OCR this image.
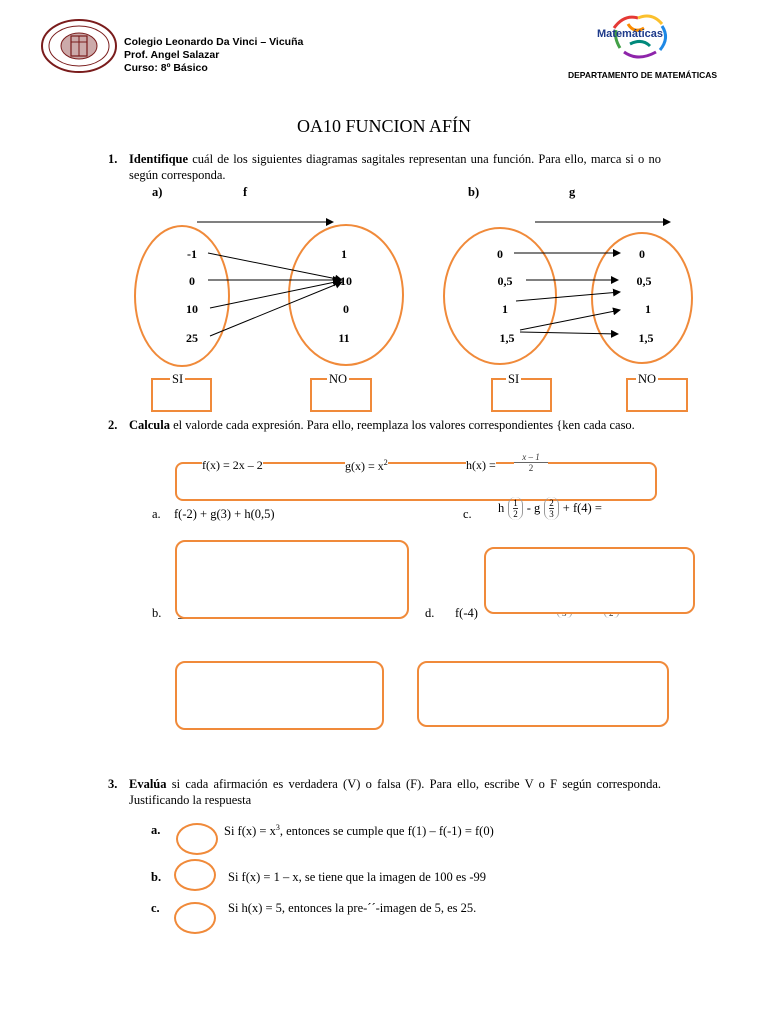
Colegio Leonardo Da Vinci – Vicuña
Prof. Angel Salazar
Curso: 8º Básico
Matemáticas
DEPARTAMENTO DE MATEMÁTICAS
OA10 FUNCION AFÍN
1. Identifique cuál de los siguientes diagramas sagitales representan una función. Para ello, marca si o no según corresponda.
a)	f	b)	g
-1
0
10
25
1
10
0
11
0
0,5
1
1,5
0
0,5
1
1,5
SI	NO	SI	NO
2. Calcula el valorde cada expresión. Para ello, reemplaza los valores correspondientes {ken cada caso.
f(x) = 2x – 2	$g(x) = x^2$	$h(x) = \frac{x - 1}{2}$
a. f(-2) + g(3) + h(0,5)	c. h 1
2 - g 2
3 + f(4) =
b.	d. f(-4)
3. Evalúa si cada afirmación es verdadera (V) o falsa (F). Para ello, escribe V o F según corresponda. Justificando la respuesta
a.	Si $f(x) = x^3$, entonces se cumple que f(1) – f(-1) = f(0)
b.	Si f(x) = 1 – x, se tiene que la imagen de 100 es -99
c.	Si h(x) = 5, entonces la pre-´´-imagen de 5, es 25.
